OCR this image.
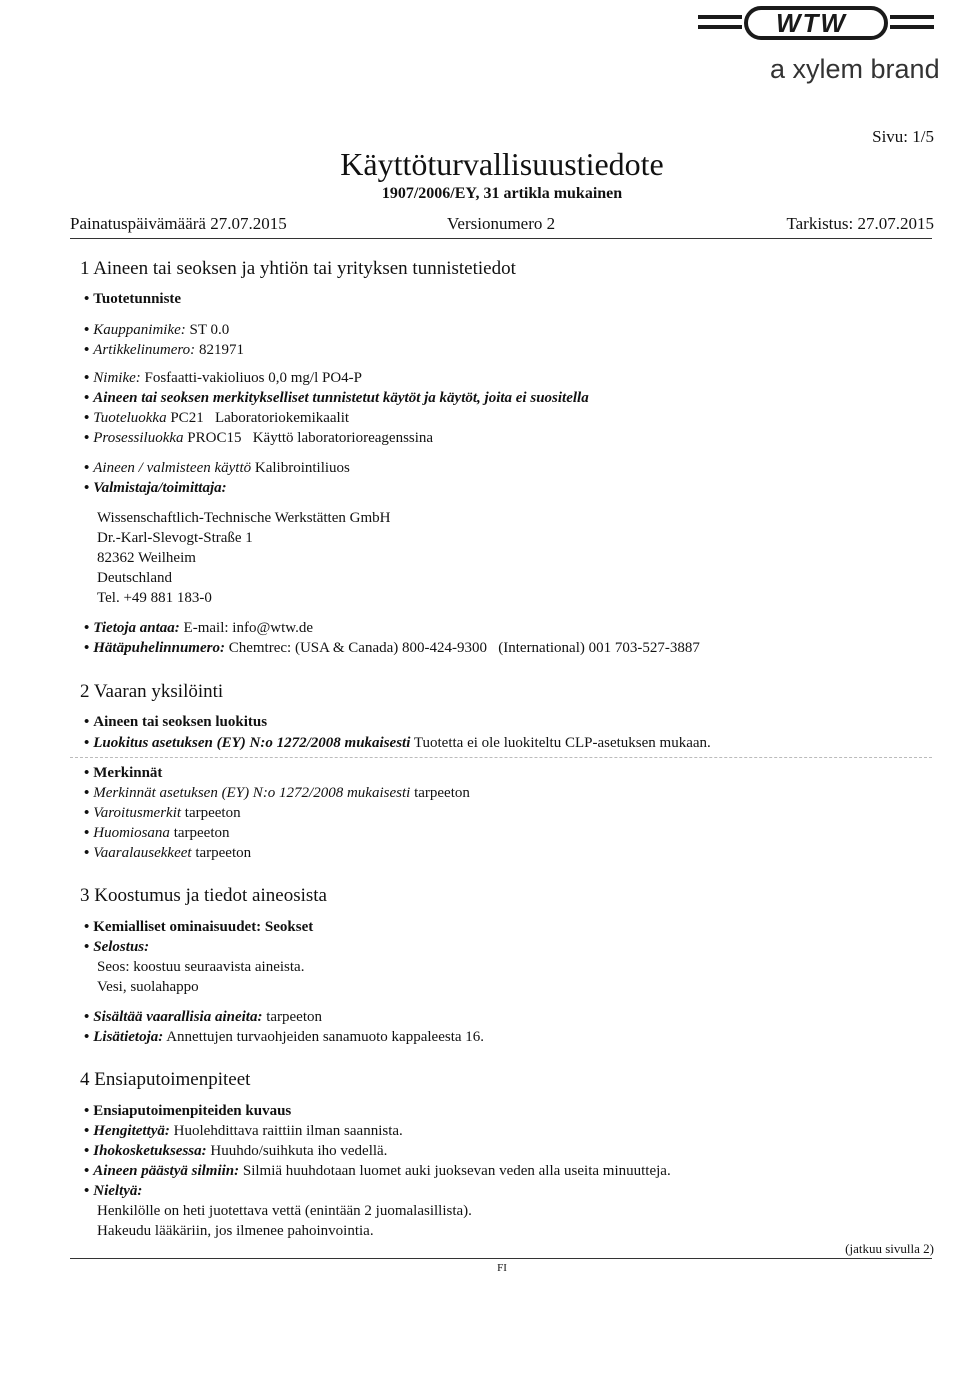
WTW
a xylem brand
Sivu: 1/5
Käyttöturvallisuustiedote
1907/2006/EY, 31 artikla mukainen
Painatuspäivämäärä 27.07.2015	Versionumero 2	Tarkistus: 27.07.2015
1 Aineen tai seoksen ja yhtiön tai yrityksen tunnistetiedot
• Tuotetunniste
• Kauppanimike: ST 0.0
• Artikkelinumero: 821971
• Nimike: Fosfaatti-vakioliuos 0,0 mg/l PO4-P
• Aineen tai seoksen merkitykselliset tunnistetut käytöt ja käytöt, joita ei suositella
• Tuoteluokka PC21   Laboratoriokemikaalit
• Prosessiluokka PROC15   Käyttö laboratorioreagenssina
• Aineen / valmisteen käyttö Kalibrointiliuos
• Valmistaja/toimittaja:
Wissenschaftlich-Technische Werkstätten GmbH
Dr.-Karl-Slevogt-Straße 1
82362 Weilheim
Deutschland
Tel. +49 881 183-0
• Tietoja antaa: E-mail: info@wtw.de
• Hätäpuhelinnumero: Chemtrec: (USA & Canada) 800-424-9300   (International) 001 703-527-3887
2 Vaaran yksilöinti
• Aineen tai seoksen luokitus
• Luokitus asetuksen (EY) N:o 1272/2008 mukaisesti Tuotetta ei ole luokiteltu CLP-asetuksen mukaan.
• Merkinnät
• Merkinnät asetuksen (EY) N:o 1272/2008 mukaisesti tarpeeton
• Varoitusmerkit tarpeeton
• Huomiosana tarpeeton
• Vaaralausekkeet tarpeeton
3 Koostumus ja tiedot aineosista
• Kemialliset ominaisuudet: Seokset
• Selostus:
Seos: koostuu seuraavista aineista.
Vesi, suolahappo
• Sisältää vaarallisia aineita: tarpeeton
• Lisätietoja: Annettujen turvaohjeiden sanamuoto kappaleesta 16.
4 Ensiaputoimenpiteet
• Ensiaputoimenpiteiden kuvaus
• Hengitettyä: Huolehdittava raittiin ilman saannista.
• Ihokosketuksessa: Huuhdo/suihkuta iho vedellä.
• Aineen päästyä silmiin: Silmiä huuhdotaan luomet auki juoksevan veden alla useita minuutteja.
• Nieltyä:
Henkilölle on heti juotettava vettä (enintään 2 juomalasillista).
Hakeudu lääkäriin, jos ilmenee pahoinvointia.
(jatkuu sivulla 2)
FI
